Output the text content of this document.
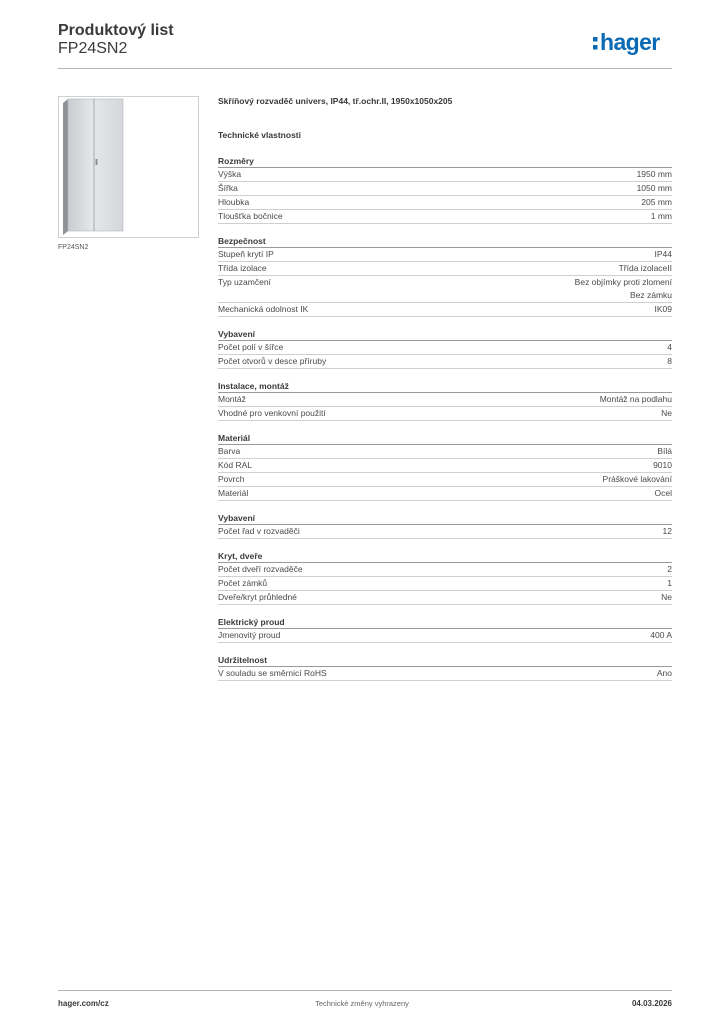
Produktový list
FP24SN2	hager
FP24SN2
Skříňový rozvaděč univers, IP44, tř.ochr.II, 1950x1050x205
Technické vlastnosti
Rozměry
Výška	1950 mm
Šířka	1050 mm
Hloubka	205 mm
Tloušťka bočnice	1 mm
Bezpečnost
Stupeň krytí IP	IP44
Třída izolace	Třída izolaceII
Typ uzamčení	Bez objímky proti zlomení
Bez zámku
Mechanická odolnost IK	IK09
Vybavení
Počet polí v šířce	4
Počet otvorů v desce příruby	8
Instalace, montáž
Montáž	Montáž na podlahu
Vhodné pro venkovní použití	Ne
Materiál
Barva	Bílá
Kód RAL	9010
Povrch	Práškové lakování
Materiál	Ocel
Vybavení
Počet řad v rozvaděči	12
Kryt, dveře
Počet dveří rozvaděče	2
Počet zámků	1
Dveře/kryt průhledné	Ne
Elektrický proud
Jmenovitý proud	400 A
Udržitelnost
V souladu se směrnicí RoHS	Ano
hager.com/cz	Technické změny vyhrazeny	04.03.2026
